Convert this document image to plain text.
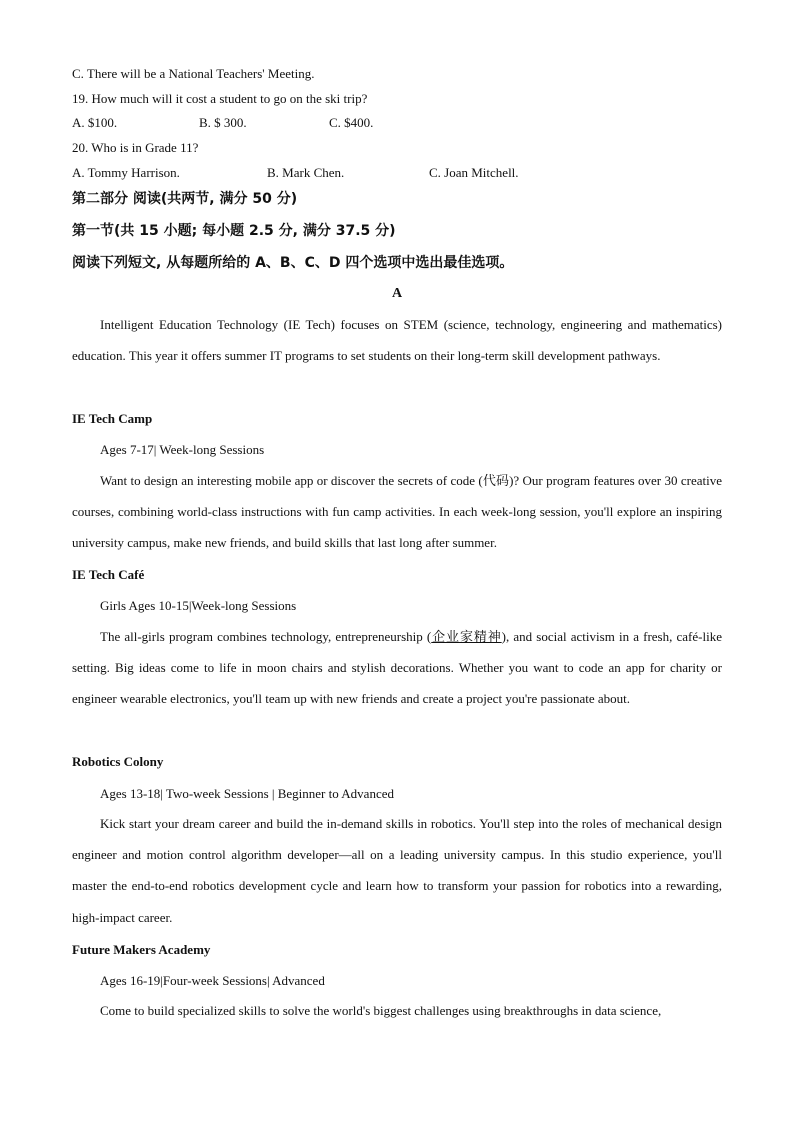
C. There will be a National Teachers' Meeting.
19. How much will it cost a student to go on the ski trip?
A. $100.	B. $ 300.	C. $400.
20. Who is in Grade 11?
A. Tommy Harrison.	B. Mark Chen.	C. Joan Mitchell.
第二部分 阅读(共两节, 满分 50 分)
第一节(共 15 小题; 每小题 2.5 分, 满分 37.5 分)
阅读下列短文, 从每题所给的 A、B、C、D 四个选项中选出最佳选项。
A
Intelligent Education Technology (IE Tech) focuses on STEM (science, technology, engineering and mathematics) education. This year it offers summer IT programs to set students on their long-term skill development pathways.
IE Tech Camp
Ages 7-17| Week-long Sessions
Want to design an interesting mobile app or discover the secrets of code (代码)? Our program features over 30 creative courses, combining world-class instructions with fun camp activities. In each week-long session, you'll explore an inspiring university campus, make new friends, and build skills that last long after summer.
IE Tech Café
Girls Ages 10-15|Week-long Sessions
The all-girls program combines technology, entrepreneurship (企业家精神), and social activism in a fresh, café-like setting. Big ideas come to life in moon chairs and stylish decorations. Whether you want to code an app for charity or engineer wearable electronics, you'll team up with new friends and create a project you're passionate about.
Robotics Colony
Ages 13-18| Two-week Sessions | Beginner to Advanced
Kick start your dream career and build the in-demand skills in robotics. You'll step into the roles of mechanical design engineer and motion control algorithm developer—all on a leading university campus. In this studio experience, you'll master the end-to-end robotics development cycle and learn how to transform your passion for robotics into a rewarding, high-impact career.
Future Makers Academy
Ages 16-19|Four-week Sessions| Advanced
Come to build specialized skills to solve the world's biggest challenges using breakthroughs in data science,
